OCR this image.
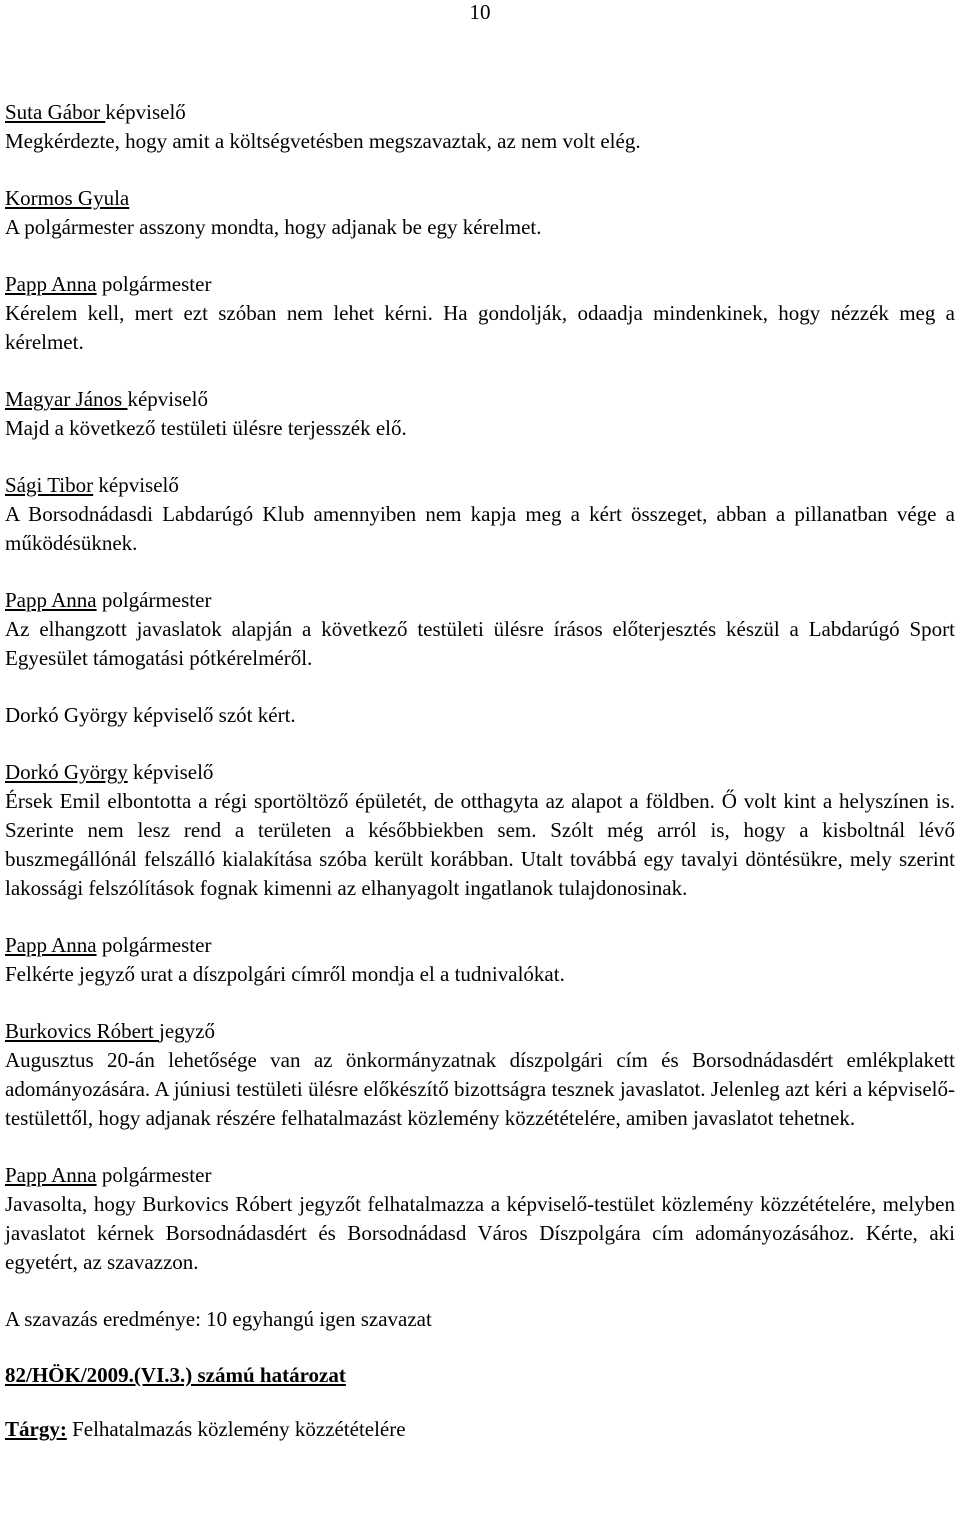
10
Suta Gábor képviselő
Megkérdezte, hogy amit a költségvetésben megszavaztak, az nem volt elég.
Kormos Gyula
A polgármester asszony mondta, hogy adjanak be egy kérelmet.
Papp Anna polgármester
Kérelem kell, mert ezt szóban nem lehet kérni. Ha gondolják, odaadja mindenkinek, hogy nézzék meg a kérelmet.
Magyar János képviselő
Majd a következő testületi ülésre terjesszék elő.
Sági Tibor képviselő
A Borsodnádasdi Labdarúgó Klub amennyiben nem kapja meg a kért összeget, abban a pillanatban vége a működésüknek.
Papp Anna polgármester
Az elhangzott javaslatok alapján a következő testületi ülésre írásos előterjesztés készül a Labdarúgó Sport Egyesület támogatási pótkérelméről.
Dorkó György képviselő szót kért.
Dorkó György képviselő
Érsek Emil elbontotta a régi sportöltöző épületét, de otthagyta az alapot a földben. Ő volt kint a helyszínen is. Szerinte nem lesz rend a területen a későbbiekben sem. Szólt még arról is, hogy a kisboltnál lévő buszmegállónál felszálló kialakítása szóba került korábban. Utalt továbbá egy tavalyi döntésükre, mely szerint lakossági felszólítások fognak kimenni az elhanyagolt ingatlanok tulajdonosinak.
Papp Anna polgármester
Felkérte jegyző urat a díszpolgári címről mondja el a tudnivalókat.
Burkovics Róbert jegyző
Augusztus 20-án lehetősége van az önkormányzatnak díszpolgári cím és Borsodnádasdért emlékplakett adományozására. A júniusi testületi ülésre előkészítő bizottságra tesznek javaslatot. Jelenleg azt kéri a képviselő-testülettől, hogy adjanak részére felhatalmazást közlemény közzétételére, amiben javaslatot tehetnek.
Papp Anna polgármester
Javasolta, hogy Burkovics Róbert jegyzőt felhatalmazza a képviselő-testület közlemény közzétételére, melyben javaslatot kérnek Borsodnádasdért és Borsodnádasd Város Díszpolgára cím adományozásához. Kérte, aki egyetért, az szavazzon.
A szavazás eredménye: 10 egyhangú igen szavazat
82/HÖK/2009.(VI.3.) számú határozat
Tárgy: Felhatalmazás közlemény közzétételére
